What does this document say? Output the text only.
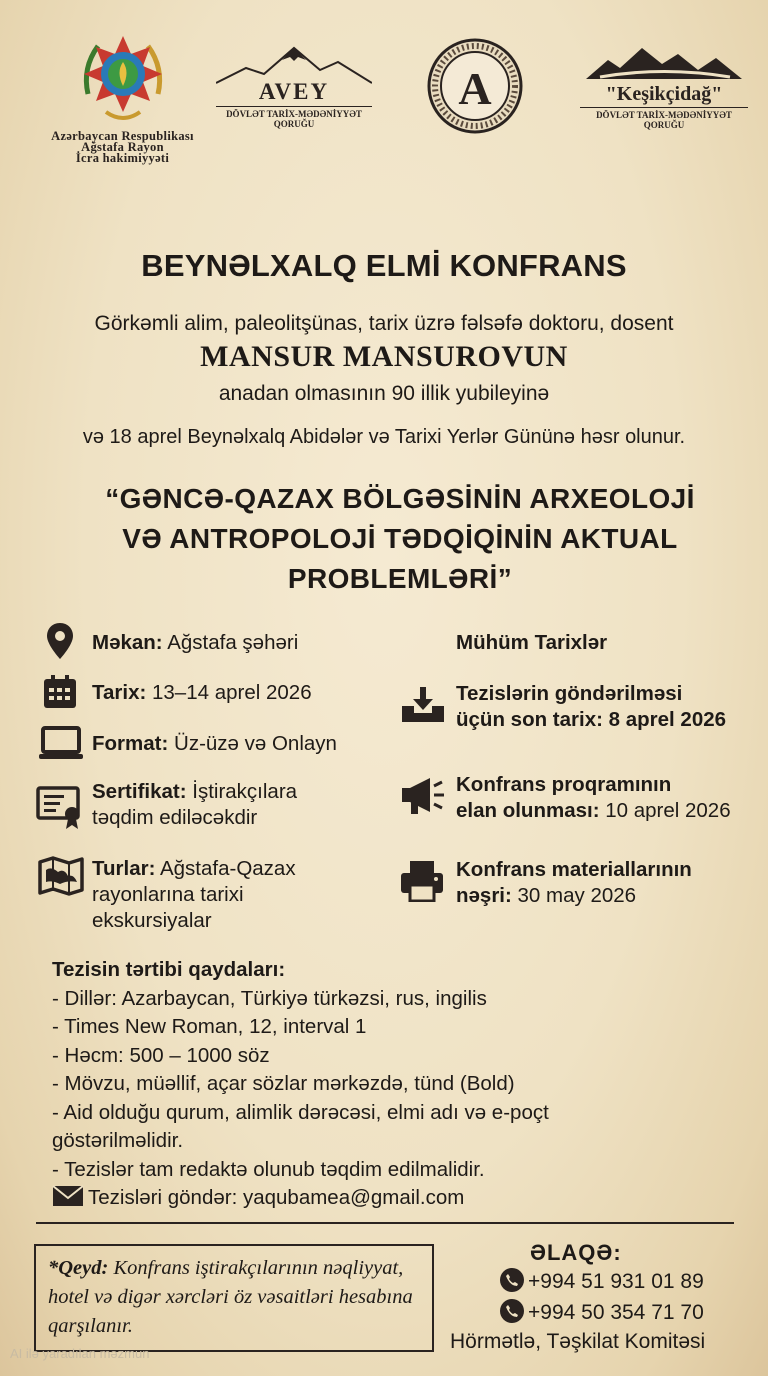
Azərbaycan Respublikası
Ağstafa Rayon
İcra hakimiyyəti
AVEY
DÖVLƏT TARİX-MƏDƏNİYYƏT
QORUĞU
A	"Keşikçidağ"
DÖVLƏT TARİX-MƏDƏNİYYƏT
QORUĞU
BEYNƏLXALQ ELMİ KONFRANS
Görkəmli alim, paleolitşünas, tarix üzrə fəlsəfə doktoru, dosent
MANSUR MANSUROVUN
anadan olmasının 90 illik yubileyinə
və 18 aprel Beynəlxalq Abidələr və Tarixi Yerlər Gününə həsr olunur.
“GƏNCƏ-QAZAX BÖLGƏSİNİN ARXEOLOJİ
VƏ ANTROPOLOJİ TƏDQİQİNİN AKTUAL
PROBLEMLƏRİ”
Məkan: Ağstafa şəhəri
Tarix: 13–14 aprel 2026
Format: Üz-üzə və Onlayn
Sertifikat: İştirakçılara
təqdim ediləcəkdir
Turlar: Ağstafa-Qazax
rayonlarına tarixi
ekskursiyalar
Mühüm Tarixlər
Tezislərin göndərilməsi
üçün son tarix: 8 aprel 2026
Konfrans proqramının
elan olunması: 10 aprel 2026
Konfrans materiallarının
nəşri: 30 may 2026
Tezisin tərtibi qaydaları:
- Dillər: Azarbaycan, Türkiyə türkəzsi, rus, ingilis
- Times New Roman, 12, interval 1
- Həcm: 500 – 1000 söz
- Mövzu, müəllif, açar sözlar mərkəzdə, tünd (Bold)
- Aid olduğu qurum, alimlik dərəcəsi, elmi adı və e-poçt
göstərilməlidir.
- Tezislər tam redaktə olunub təqdim edilmalidir.
Tezisləri göndər: yaqubamea@gmail.com
*Qeyd: Konfrans iştirakçılarının nəqliyyat, hotel və digər xərcləri öz vəsaitləri hesabına qarşılanır.
ƏLAQƏ:
+994 51 931 01 89
+994 50 354 71 70
Hörmətlə, Təşkilat Komitəsi
AI ilə yaradılan məzmun
